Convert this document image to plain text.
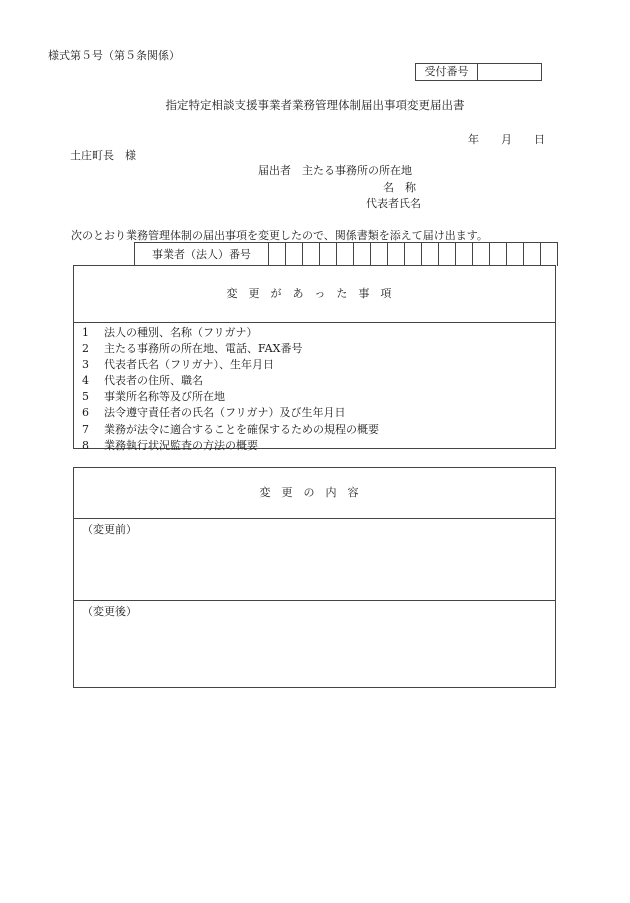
様式第５号（第５条関係）
受付番号
指定特定相談支援事業者業務管理体制届出事項変更届出書
年 月 日
土庄町長　様
届出者　主たる事務所の所在地
名　称
代表者氏名
次のとおり業務管理体制の届出事項を変更したので、関係書類を添えて届け出ます。
事業者（法人）番号
変更があった事項
1 法人の種別、名称（フリガナ）
2 主たる事務所の所在地、電話、FAX番号
3 代表者氏名（フリガナ）、生年月日
4 代表者の住所、職名
5 事業所名称等及び所在地
6 法令遵守責任者の氏名（フリガナ）及び生年月日
7 業務が法令に適合することを確保するための規程の概要
8 業務執行状況監査の方法の概要
変更の内容
（変更前）
（変更後）
